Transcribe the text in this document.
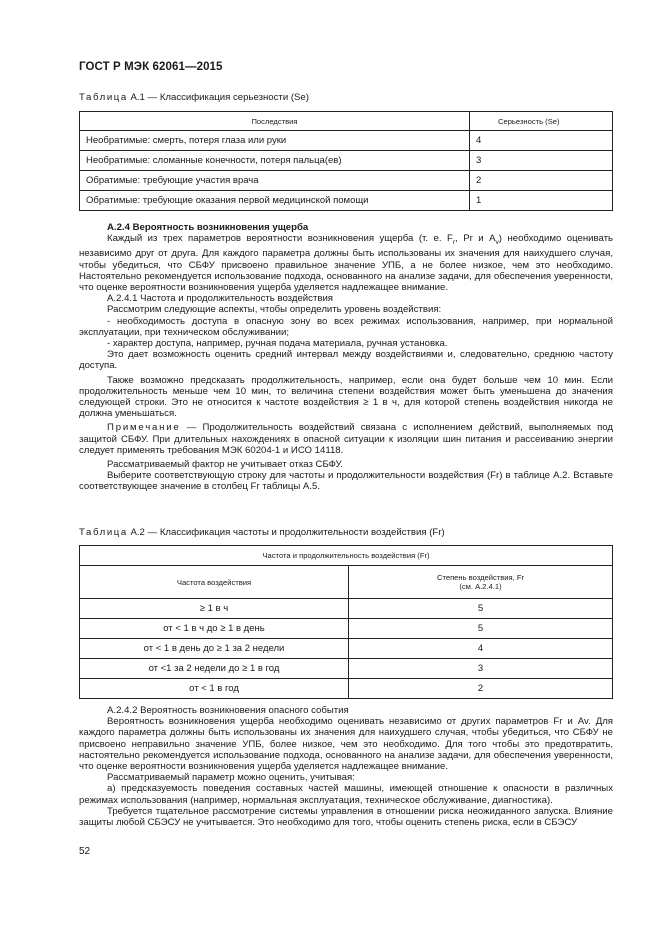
ГОСТ Р МЭК 62061—2015
Таблица А.1 — Классификация серьезности (Se)
Последствия	Серьезность (Se)
Необратимые: смерть, потеря глаза или руки	4
Необратимые: сломанные конечности, потеря пальца(ев)	3
Обратимые: требующие участия врача	2
Обратимые: требующие оказания первой медицинской помощи	1

А.2.4 Вероятность возникновения ущерба

Каждый из трех параметров вероятности возникновения ущерба (т. е. $F_r$, Pr и $A_v$) необходимо оценивать независимо друг от друга. Для каждого параметра должны быть использованы их значения для наихудшего случая, чтобы убедиться, что СБФУ присвоено правильное значение УПБ, а не более низкое, чем это необходимо. Настоятельно рекомендуется использование подхода, основанного на анализе задачи, для обеспечения уверенности, что оценке вероятности возникновения ущерба уделяется надлежащее внимание.

А.2.4.1 Частота и продолжительность воздействия

Рассмотрим следующие аспекты, чтобы определить уровень воздействия:

- необходимость доступа в опасную зону во всех режимах использования, например, при нормальной эксплуатации, при техническом обслуживании;

- характер доступа, например, ручная подача материала, ручная установка.

Это дает возможность оценить средний интервал между воздействиями и, следовательно, среднюю частоту доступа.

Также возможно предсказать продолжительность, например, если она будет больше чем 10 мин. Если продолжительность меньше чем 10 мин, то величина степени воздействия может быть уменьшена до значения следующей строки. Это не относится к частоте воздействия ≥ 1 в ч, для которой степень воздействия никогда не должна уменьшаться.

Примечание — Продолжительность воздействий связана с исполнением действий, выполняемых под защитой СБФУ. При длительных нахождениях в опасной ситуации к изоляции шин питания и рассеиванию энергии следует применять требования МЭК 60204-1 и ИСО 14118.

Рассматриваемый фактор не учитывает отказ СБФУ.

Выберите соответствующую строку для частоты и продолжительности воздействия (Fr) в таблице А.2. Вставьте соответствующее значение в столбец Fr таблицы А.5.

Таблица А.2 — Классификация частоты и продолжительности воздействия (Fr)
Частота и продолжительность воздействия (Fr)	
Частота воздействия	Степень воздействия, Fr
(см. А.2.4.1)

≥ 1 в ч	5
от < 1 в ч до ≥ 1 в день	5
от < 1 в день до ≥ 1 за 2 недели	4
от <1 за 2 недели до ≥ 1 в год	3
от < 1 в год	2

А.2.4.2 Вероятность возникновения опасного события

Вероятность возникновения ущерба необходимо оценивать независимо от других параметров Fr и Av. Для каждого параметра должны быть использованы их значения для наихудшего случая, чтобы убедиться, что СБФУ не присвоено неправильно значение УПБ, более низкое, чем это необходимо. Для того чтобы это предотвратить, настоятельно рекомендуется использование подхода, основанного на анализе задачи, для обеспечения уверенности, что оценке вероятности возникновения ущерба уделяется надлежащее внимание.

Рассматриваемый параметр можно оценить, учитывая:

а) предсказуемость поведения составных частей машины, имеющей отношение к опасности в различных режимах использования (например, нормальная эксплуатация, техническое обслуживание, диагностика).

Требуется тщательное рассмотрение системы управления в отношении риска неожиданного запуска. Влияние защиты любой СБЭСУ не учитывается. Это необходимо для того, чтобы оценить степень риска, если в СБЭСУ

52
